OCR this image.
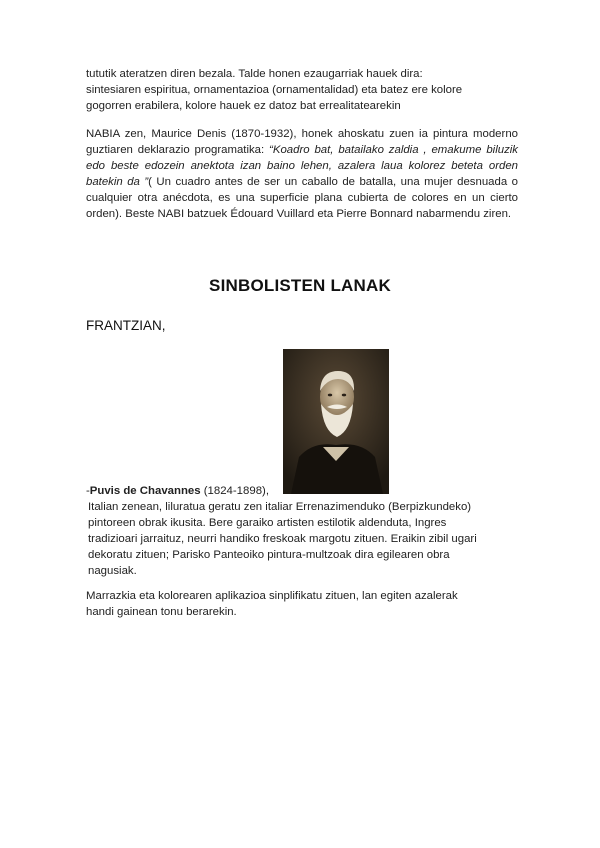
tututik ateratzen diren bezala. Talde honen ezaugarriak hauek dira:
sintesiaren espiritua, ornamentazioa (ornamentalidad) eta batez ere kolore
gogorren erabilera, kolore hauek ez datoz bat errealitatearekin

NABIA zen, Maurice Denis (1870-1932), honek ahoskatu zuen ia pintura moderno guztiaren deklarazio programatika: “Koadro bat, batailako zaldia , emakume biluzik edo beste edozein anektota izan baino lehen, azalera laua kolorez beteta orden batekin da ”( Un cuadro antes de ser un caballo de batalla, una mujer desnuada o cualquier otra anécdota, es una superficie plana cubierta de colores en un cierto orden). Beste NABI batzuek Édouard Vuillard eta Pierre Bonnard nabarmendu ziren.

SINBOLISTEN LANAK

FRANTZIAN,

-Puvis de Chavannes (1824-1898),

Italian zenean, liluratua geratu zen italiar Errenazimenduko (Berpizkundeko)
pintoreen obrak ikusita. Bere garaiko artisten estilotik aldenduta, Ingres
tradizioari jarraituz, neurri handiko freskoak margotu zituen. Eraikin zibil ugari
dekoratu zituen; Parisko Panteoiko pintura-multzoak dira egilearen obra
nagusiak.
Marrazkia eta kolorearen aplikazioa sinplifikatu zituen, lan egiten azalerak
handi gainean tonu berarekin.
